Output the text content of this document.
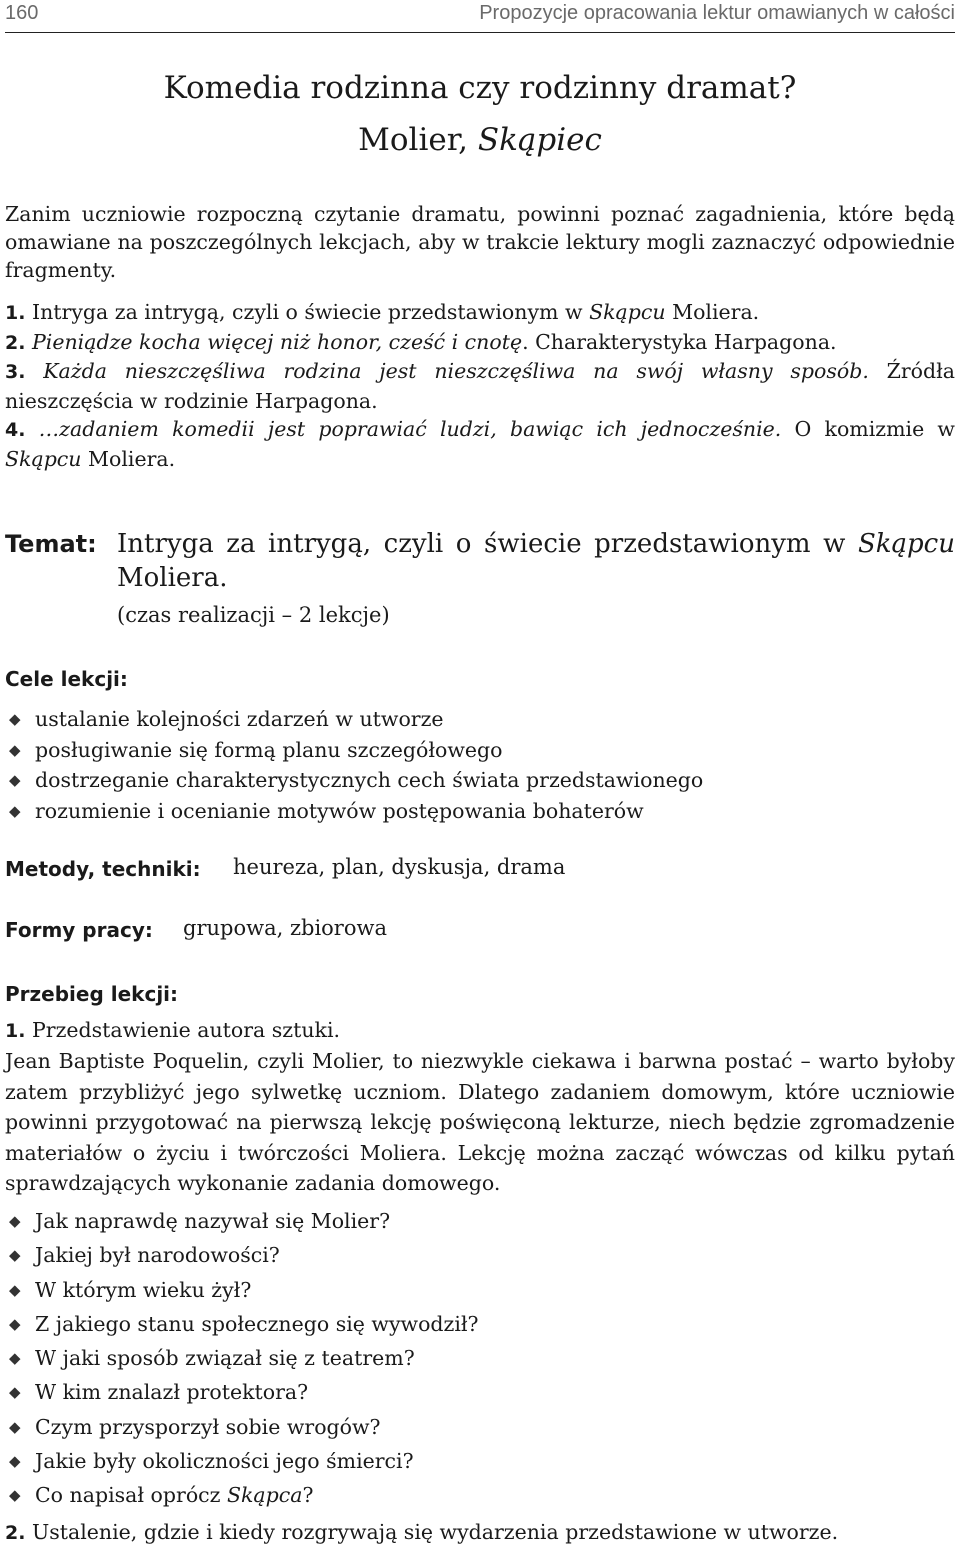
160	Propozycje opracowania lektur omawianych w całości
Komedia rodzinna czy rodzinny dramat?
Molier, Skąpiec

Zanim uczniowie rozpoczną czytanie dramatu, powinni poznać zagadnienia, które będą omawiane na poszczególnych lekcjach, aby w trakcie lektury mogli zaznaczyć odpowiednie fragmenty.

1. Intryga za intrygą, czyli o świecie przedstawionym w Skąpcu Moliera.
2. Pieniądze kocha więcej niż honor, cześć i cnotę. Charakterystyka Harpagona.
3. Każda nieszczęśliwa rodzina jest nieszczęśliwa na swój własny sposób. Źródła nieszczęścia w rodzinie Harpagona.
4. …zadaniem komedii jest poprawiać ludzi, bawiąc ich jednocześnie. O komizmie w Skąpcu Moliera.
Temat: Intryga za intrygą, czyli o świecie przedstawionym w Skąpcu Moliera.
(czas realizacji – 2 lekcje)
Cele lekcji:
◆ ustalanie kolejności zdarzeń w utworze
◆ posługiwanie się formą planu szczegółowego
◆ dostrzeganie charakterystycznych cech świata przedstawionego
◆ rozumienie i ocenianie motywów postępowania bohaterów
Metody, techniki: heureza, plan, dyskusja, drama
Formy pracy: grupowa, zbiorowa
Przebieg lekcji:
1. Przedstawienie autora sztuki.

Jean Baptiste Poquelin, czyli Molier, to niezwykle ciekawa i barwna postać – warto byłoby zatem przybliżyć jego sylwetkę uczniom. Dlatego zadaniem domowym, które uczniowie powinni przygotować na pierwszą lekcję poświęconą lekturze, niech będzie zgromadzenie materiałów o życiu i twórczości Moliera. Lekcję można zacząć wówczas od kilku pytań sprawdzających wykonanie zadania domowego.

◆ Jak naprawdę nazywał się Molier?
◆ Jakiej był narodowości?
◆ W którym wieku żył?
◆ Z jakiego stanu społecznego się wywodził?
◆ W jaki sposób związał się z teatrem?
◆ W kim znalazł protektora?
◆ Czym przysporzył sobie wrogów?
◆ Jakie były okoliczności jego śmierci?
◆ Co napisał oprócz Skąpca?
2. Ustalenie, gdzie i kiedy rozgrywają się wydarzenia przedstawione w utworze.
